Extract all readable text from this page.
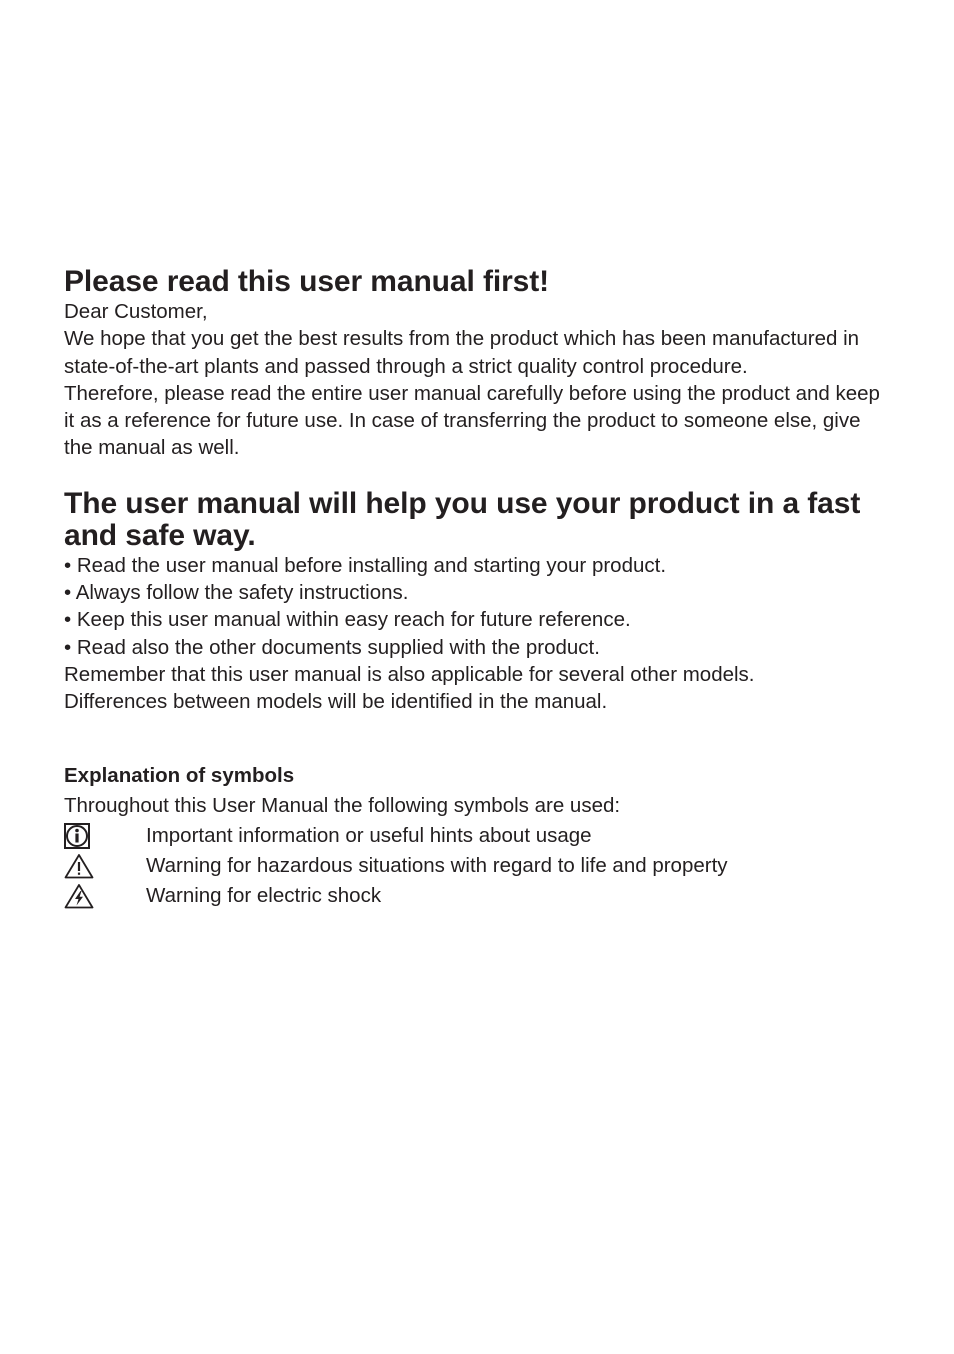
Please read this user manual first!

Dear Customer,

We hope that you get the best results from the product which has been manufactured in state-of-the-art plants and passed through a strict quality control procedure.

Therefore, please read the entire user manual carefully before using the product and keep it as a reference for future use. In case of transferring the product to someone else, give the manual as well.

The user manual will help you use your product in a fast and safe way.
• Read the user manual before installing and starting your product.
• Always follow the safety instructions.
• Keep this user manual within easy reach for future reference.
• Read also the other documents supplied with the product.

Remember that this user manual is also applicable for several other models.

Differences between models will be identified in the manual.

Explanation of symbols

Throughout this User Manual the following symbols are used:

Important information or useful hints about usage
Warning for hazardous situations with regard to life and property
Warning for electric shock
